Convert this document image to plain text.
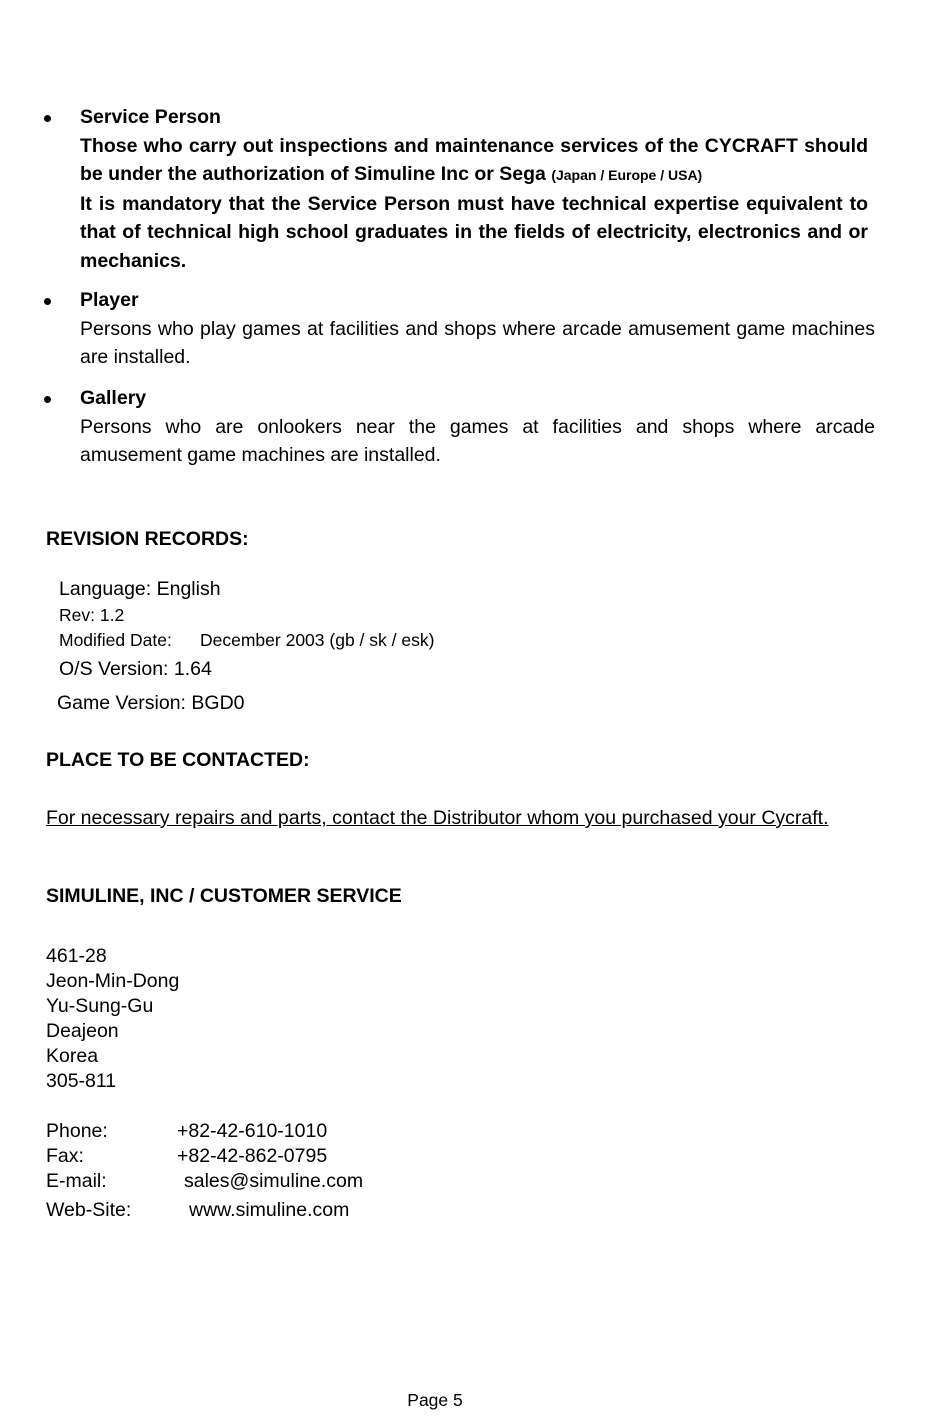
Service Person
Those who carry out inspections and maintenance services of the CYCRAFT should be under the authorization of Simuline Inc or Sega (Japan / Europe / USA)
It is mandatory that the Service Person must have technical expertise equivalent to that of technical high school graduates in the fields of electricity, electronics and or mechanics.
Player
Persons who play games at facilities and shops where arcade amusement game machines are installed.
Gallery
Persons who are onlookers near the games at facilities and shops where arcade amusement game machines are installed.
REVISION RECORDS:
Language: English
Rev: 1.2
Modified Date: December 2003 (gb / sk / esk)
O/S Version: 1.64
Game Version: BGD0
PLACE TO BE CONTACTED:
For necessary repairs and parts, contact the Distributor whom you purchased your Cycraft.
SIMULINE, INC / CUSTOMER SERVICE
461-28
Jeon-Min-Dong
Yu-Sung-Gu
Deajeon
Korea
305-811
Phone:	+82-42-610-1010
Fax:	+82-42-862-0795
E-mail:	sales@simuline.com
Web-Site:	www.simuline.com
Page 5
